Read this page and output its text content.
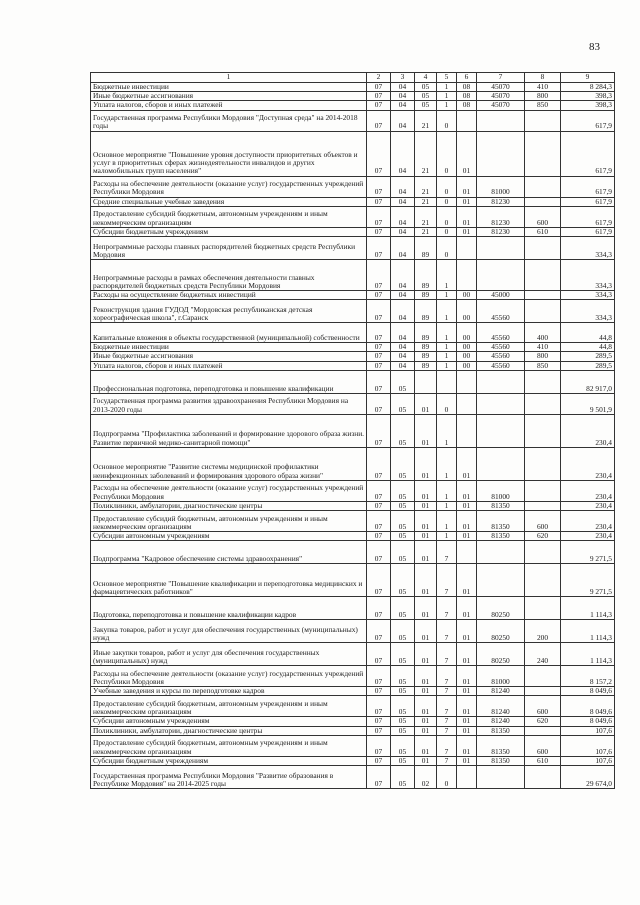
83
1	2	3	4	5	6	7	8	9
Бюджетные инвестиции	07	04	05	1	08	45070	410	8 284,3
Иные бюджетные ассигнования	07	04	05	1	08	45070	800	398,3
Уплата налогов, сборов и иных платежей	07	04	05	1	08	45070	850	398,3
Государственная программа Республики Мордовия "Доступная среда" на 2014-2018 годы	07	04	21	0				617,9
Основное мероприятие "Повышение уровня доступности приоритетных объектов и услуг в приоритетных сферах жизнедеятельности инвалидов и других маломобильных групп населения"	07	04	21	0	01			617,9
Расходы на обеспечение деятельности (оказание услуг) государственных учреждений Республики Мордовия	07	04	21	0	01	81000		617,9
Средние специальные учебные заведения	07	04	21	0	01	81230		617,9
Предоставление субсидий бюджетным, автономным учреждениям и иным некоммерческим организациям	07	04	21	0	01	81230	600	617,9
Субсидии бюджетным учреждениям	07	04	21	0	01	81230	610	617,9
Непрограммные расходы главных распорядителей бюджетных средств Республики Мордовия	07	04	89	0				334,3
Непрограммные расходы в рамках обеспечения деятельности главных распорядителей бюджетных средств Республики Мордовия	07	04	89	1				334,3
Расходы на осуществление бюджетных инвестиций	07	04	89	1	00	45000		334,3
Реконструкция здания ГУДОД "Мордовская республиканская детская хореографическая школа", г.Саранск	07	04	89	1	00	45560		334,3
Капитальные вложения в объекты государственной (муниципальной) собственности	07	04	89	1	00	45560	400	44,8
Бюджетные инвестиции	07	04	89	1	00	45560	410	44,8
Иные бюджетные ассигнования	07	04	89	1	00	45560	800	289,5
Уплата налогов, сборов и иных платежей	07	04	89	1	00	45560	850	289,5
Профессиональная подготовка, переподготовка и повышение квалификации	07	05						82 917,0
Государственная программа развития здравоохранения Республики Мордовия на 2013-2020 годы	07	05	01	0				9 501,9
Подпрограмма "Профилактика заболеваний и формирование здорового образа жизни. Развитие первичной медико-санитарной помощи"	07	05	01	1				230,4
Основное мероприятие "Развитие системы медицинской профилактики неинфекционных заболеваний и формирования здорового образа жизни"	07	05	01	1	01			230,4
Расходы на обеспечение деятельности (оказание услуг) государственных учреждений Республики Мордовия	07	05	01	1	01	81000		230,4
Поликлиники, амбулатории, диагностические центры	07	05	01	1	01	81350		230,4
Предоставление субсидий бюджетным, автономным учреждениям и иным некоммерческим организациям	07	05	01	1	01	81350	600	230,4
Субсидии автономным учреждениям	07	05	01	1	01	81350	620	230,4
Подпрограмма "Кадровое обеспечение системы здравоохранения"	07	05	01	7				9 271,5
Основное мероприятие "Повышение квалификации и переподготовка медицинских и фармацевтических работников"	07	05	01	7	01			9 271,5
Подготовка, переподготовка и повышение квалификации кадров	07	05	01	7	01	80250		1 114,3
Закупка товаров, работ и услуг для обеспечения государственных (муниципальных) нужд	07	05	01	7	01	80250	200	1 114,3
Иные закупки товаров, работ и услуг для обеспечения государственных (муниципальных) нужд	07	05	01	7	01	80250	240	1 114,3
Расходы на обеспечение деятельности (оказание услуг) государственных учреждений Республики Мордовия	07	05	01	7	01	81000		8 157,2
Учебные заведения и курсы по переподготовке кадров	07	05	01	7	01	81240		8 049,6
Предоставление субсидий бюджетным, автономным учреждениям и иным некоммерческим организациям	07	05	01	7	01	81240	600	8 049,6
Субсидии автономным учреждениям	07	05	01	7	01	81240	620	8 049,6
Поликлиники, амбулатории, диагностические центры	07	05	01	7	01	81350		107,6
Предоставление субсидий бюджетным, автономным учреждениям и иным некоммерческим организациям	07	05	01	7	01	81350	600	107,6
Субсидии бюджетным учреждениям	07	05	01	7	01	81350	610	107,6
Государственная программа Республики Мордовия "Развитие образования в Республике Мордовия" на 2014-2025 годы	07	05	02	0				29 674,0
